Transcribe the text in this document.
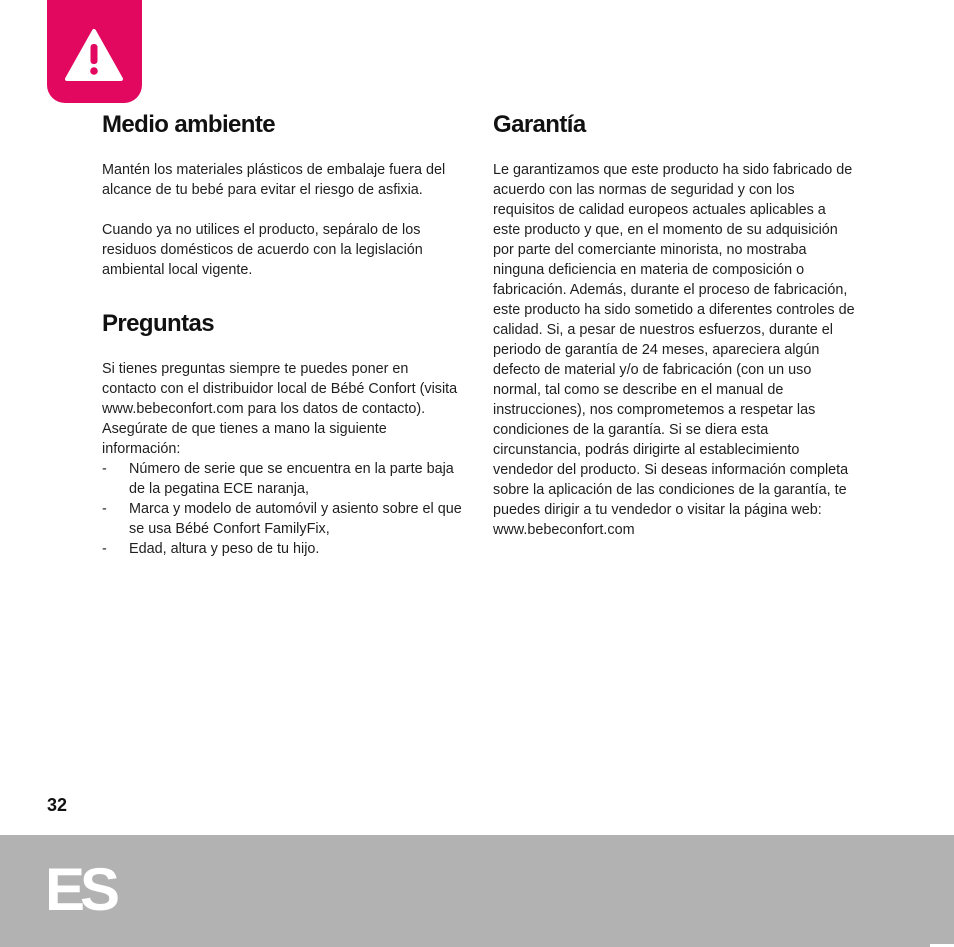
Medio ambiente

Mantén los materiales plásticos de embalaje fuera del alcance de tu bebé para evitar el riesgo de asfixia.

Cuando ya no utilices el producto, sepáralo de los residuos domésticos de acuerdo con la legislación ambiental local vigente.

Preguntas

Si tienes preguntas siempre te puedes poner en contacto con el distribuidor local de Bébé Confort (visita www.bebeconfort.com para los datos de contacto). Asegúrate de que tienes a mano la siguiente información:

- Número de serie que se encuentra en la parte baja de la pegatina ECE naranja,
- Marca y modelo de automóvil y asiento sobre el que se usa Bébé Confort FamilyFix,
- Edad, altura y peso de tu hijo.
Garantía

Le garantizamos que este producto ha sido fabricado de acuerdo con las normas de seguridad y con los requisitos de calidad europeos actuales aplicables a este producto y que, en el momento de su adquisición por parte del comerciante minorista, no mostraba ninguna deficiencia en materia de composición o fabricación. Además, durante el proceso de fabricación, este producto ha sido sometido a diferentes controles de calidad. Si, a pesar de nuestros esfuerzos, durante el periodo de garantía de 24 meses, apareciera algún defecto de material y/o de fabricación (con un uso normal, tal como se describe en el manual de instrucciones), nos comprometemos a respetar las condiciones de la garantía. Si se diera esta circunstancia, podrás dirigirte al establecimiento vendedor del producto. Si deseas información completa sobre la aplicación de las condiciones de la garantía, te puedes dirigir a tu vendedor o visitar la página web: www.bebeconfort.com

32
ES
